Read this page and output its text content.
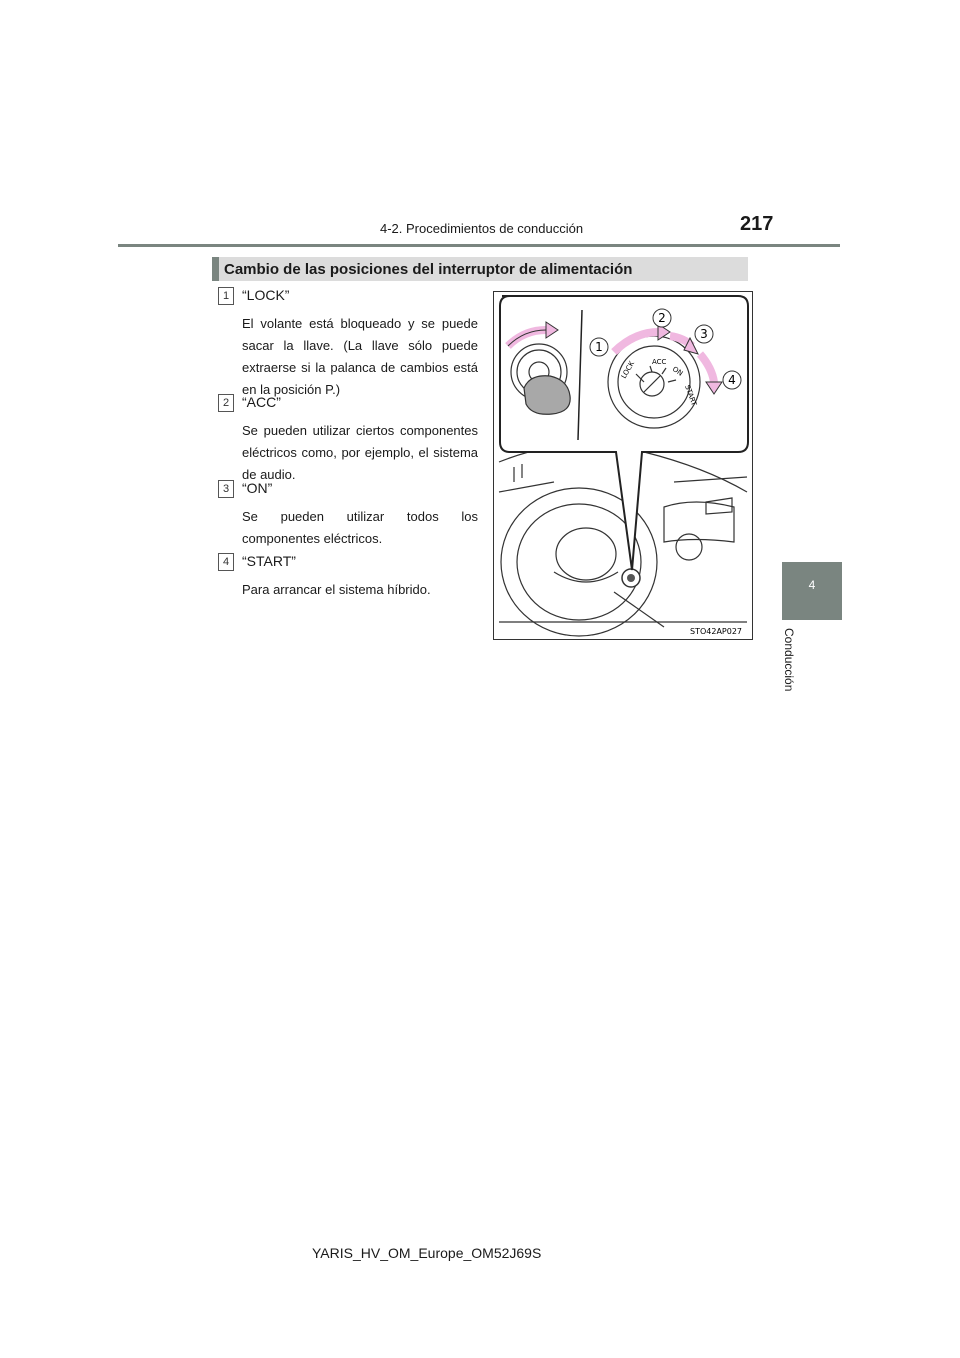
4-2. Procedimientos de conducción	217
4
Conducción
Cambio de las posiciones del interruptor de alimentación
1 “LOCK”
El volante está bloqueado y se puede sacar la llave. (La llave sólo puede extraerse si la palanca de cambios está en la posición P.)
2 “ACC”
Se pueden utilizar ciertos componentes eléctricos como, por ejemplo, el sistema de audio.
3 “ON”
Se pueden utilizar todos los componentes eléctricos.
4 “START”
Para arrancar el sistema híbrido.
LOCK ACC
ON
START
1
2
3
4
STO42AP027
YARIS_HV_OM_Europe_OM52J69S
